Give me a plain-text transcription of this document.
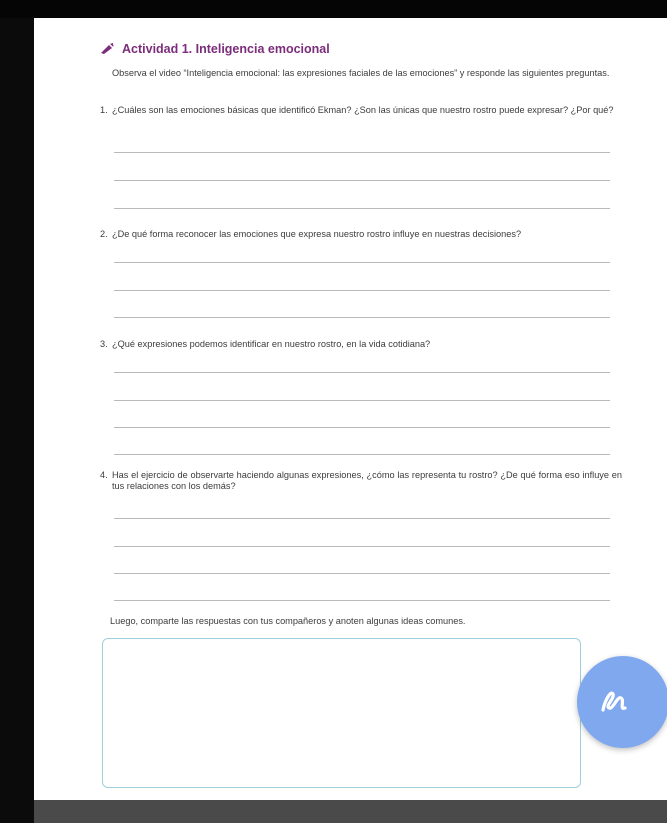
Actividad 1. Inteligencia emocional
Observa el video “Inteligencia emocional: las expresiones faciales de las emociones” y responde las siguientes preguntas.
1. ¿Cuáles son las emociones básicas que identificó Ekman? ¿Son las únicas que nuestro rostro puede expresar? ¿Por qué?
2. ¿De qué forma reconocer las emociones que expresa nuestro rostro influye en nuestras decisiones?
3. ¿Qué expresiones podemos identificar en nuestro rostro, en la vida cotidiana?
4. Has el ejercicio de observarte haciendo algunas expresiones, ¿cómo las representa tu rostro? ¿De qué forma eso influye en tus relaciones con los demás?
Luego, comparte las respuestas con tus compañeros y anoten algunas ideas comunes.
